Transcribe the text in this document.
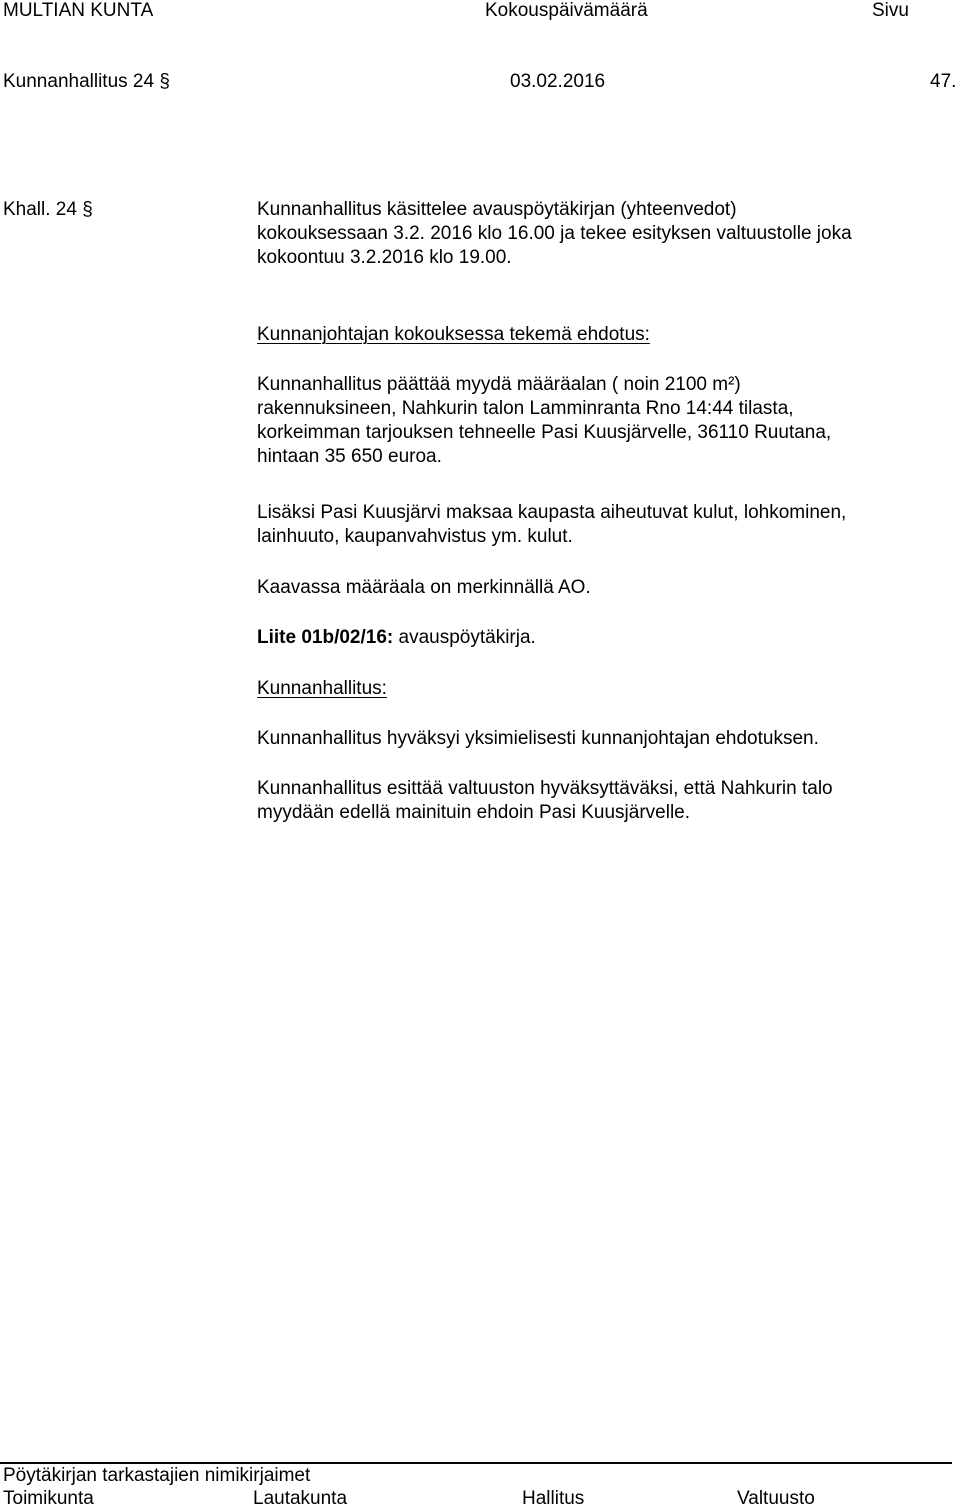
MULTIAN KUNTA	Kokouspäivämäärä	Sivu
Kunnanhallitus 24 §	03.02.2016	47.
Khall. 24 §	Kunnanhallitus käsittelee avauspöytäkirjan (yhteenvedot)
kokouksessaan 3.2. 2016 klo 16.00 ja tekee esityksen valtuustolle joka
kokoontuu 3.2.2016 klo 19.00.
Kunnanjohtajan kokouksessa tekemä ehdotus:
Kunnanhallitus päättää myydä määräalan ( noin 2100 m²)
rakennuksineen, Nahkurin talon Lamminranta Rno 14:44 tilasta,
korkeimman tarjouksen tehneelle Pasi Kuusjärvelle, 36110 Ruutana,
hintaan 35 650 euroa.
Lisäksi Pasi Kuusjärvi maksaa kaupasta aiheutuvat kulut, lohkominen,
lainhuuto, kaupanvahvistus ym. kulut.
Kaavassa määräala on merkinnällä AO.
Liite 01b/02/16: avauspöytäkirja.
Kunnanhallitus:
Kunnanhallitus hyväksyi yksimielisesti kunnanjohtajan ehdotuksen.
Kunnanhallitus esittää valtuuston hyväksyttäväksi, että Nahkurin talo
myydään edellä mainituin ehdoin Pasi Kuusjärvelle.
Pöytäkirjan tarkastajien nimikirjaimet
Toimikunta	Lautakunta	Hallitus	Valtuusto
